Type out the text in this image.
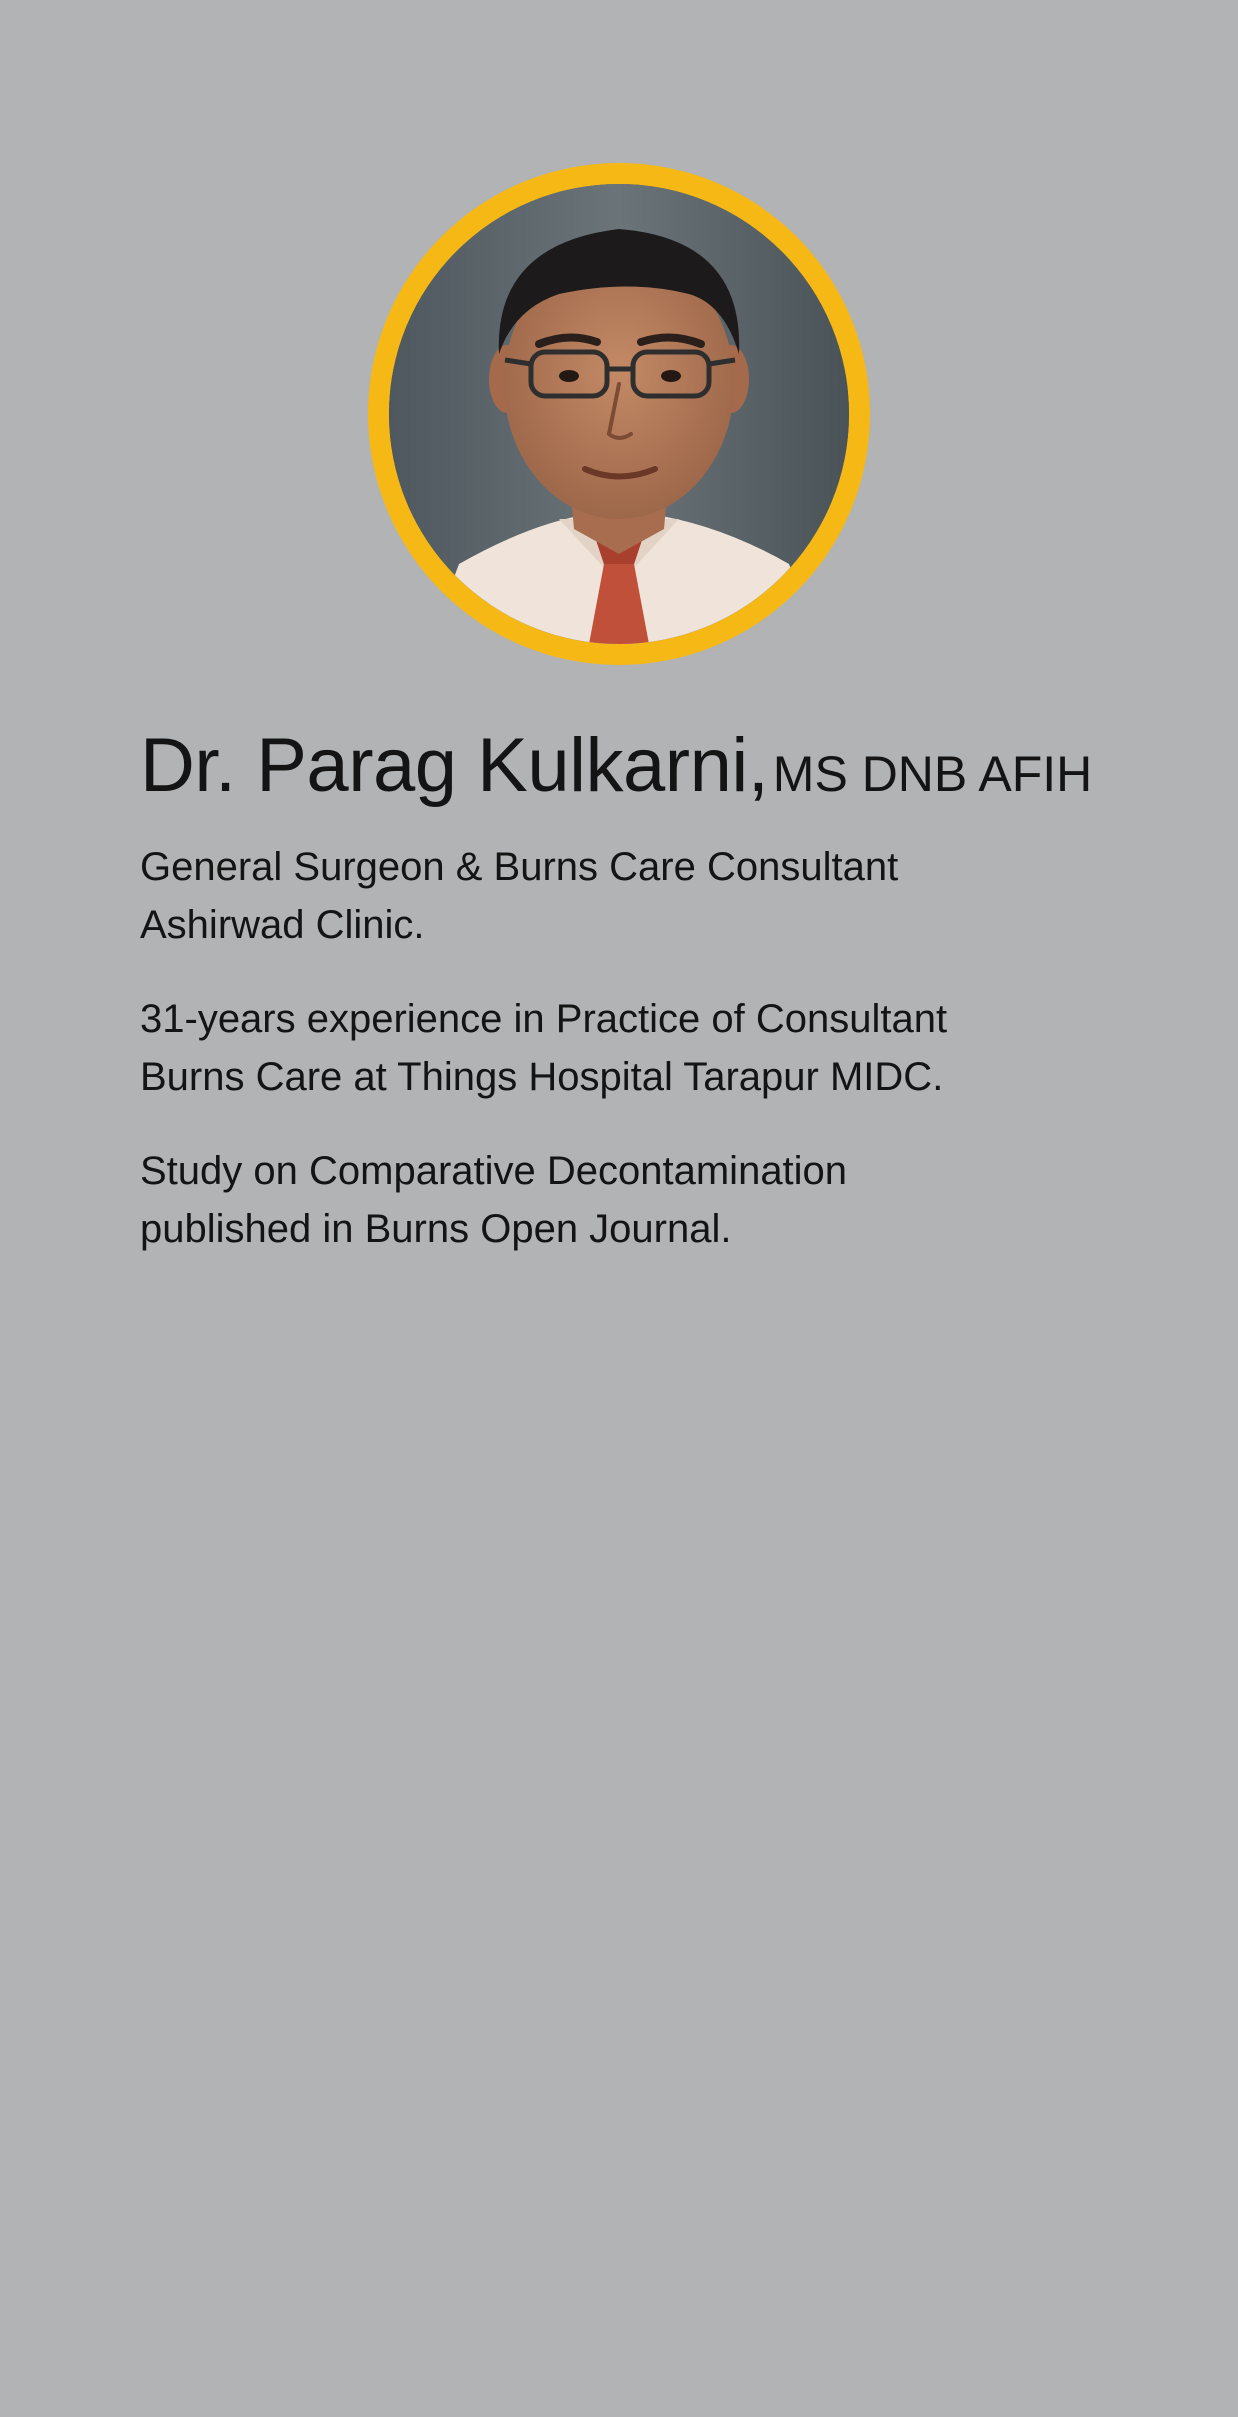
Dr. Parag Kulkarni, MS DNB AFIH

General Surgeon & Burns Care Consultant
Ashirwad Clinic.

31-years experience in Practice of Consultant
Burns Care at Things Hospital Tarapur MIDC.

Study on Comparative Decontamination
published in Burns Open Journal.
